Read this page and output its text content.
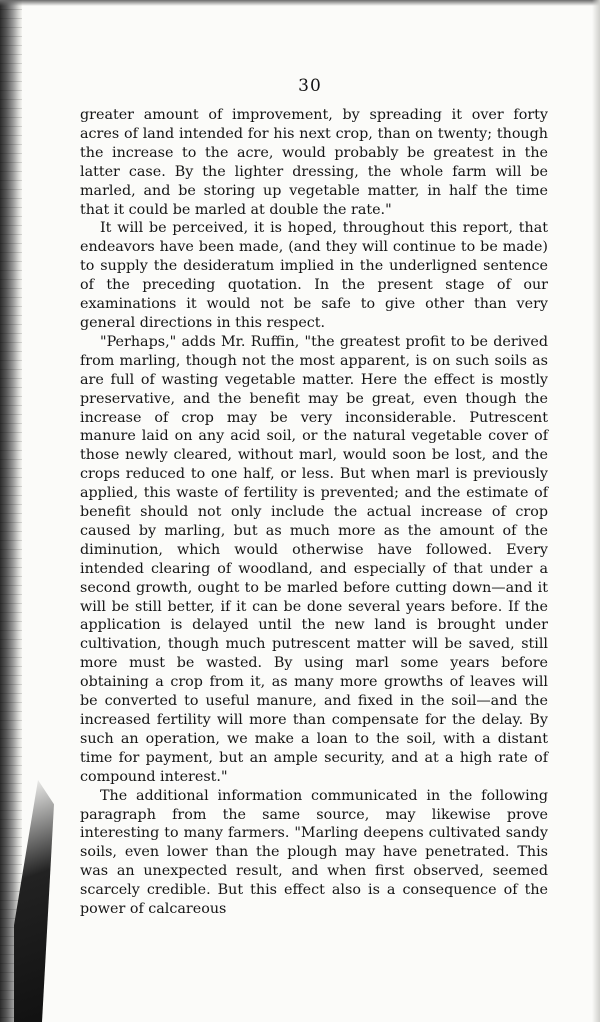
30

greater amount of improvement, by spreading it over forty acres of land intended for his next crop, than on twenty; though the increase to the acre, would probably be greatest in the latter case. By the lighter dressing, the whole farm will be marled, and be storing up vegetable matter, in half the time that it could be marled at double the rate."

It will be perceived, it is hoped, throughout this report, that endeavors have been made, (and they will continue to be made) to supply the desideratum implied in the underligned sentence of the preceding quotation. In the present stage of our examinations it would not be safe to give other than very general directions in this respect.

"Perhaps," adds Mr. Ruffin, "the greatest profit to be derived from marling, though not the most apparent, is on such soils as are full of wasting vegetable matter. Here the effect is mostly preservative, and the benefit may be great, even though the increase of crop may be very inconsiderable. Putrescent manure laid on any acid soil, or the natural vegetable cover of those newly cleared, without marl, would soon be lost, and the crops reduced to one half, or less. But when marl is previously applied, this waste of fertility is prevented; and the estimate of benefit should not only include the actual increase of crop caused by marling, but as much more as the amount of the diminution, which would otherwise have followed. Every intended clearing of woodland, and especially of that under a second growth, ought to be marled before cutting down—and it will be still better, if it can be done several years before. If the application is delayed until the new land is brought under cultivation, though much putrescent matter will be saved, still more must be wasted. By using marl some years before obtaining a crop from it, as many more growths of leaves will be converted to useful manure, and fixed in the soil—and the increased fertility will more than compensate for the delay. By such an operation, we make a loan to the soil, with a distant time for payment, but an ample security, and at a high rate of compound interest."

The additional information communicated in the following paragraph from the same source, may likewise prove interesting to many farmers. "Marling deepens cultivated sandy soils, even lower than the plough may have penetrated. This was an unexpected result, and when first observed, seemed scarcely credible. But this effect also is a consequence of the power of calcareous
